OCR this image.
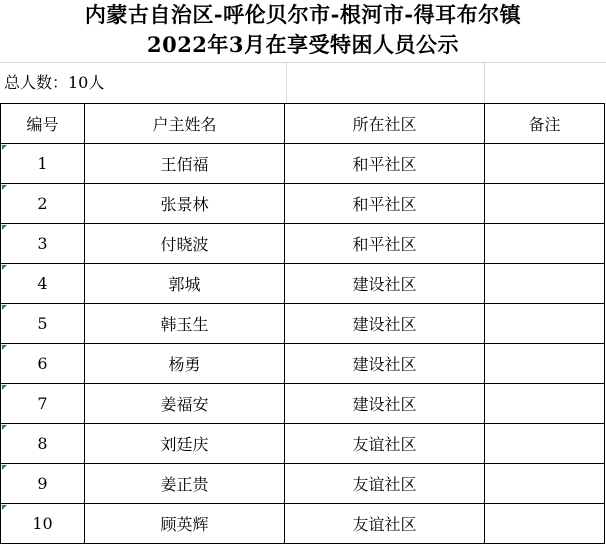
内蒙古自治区-呼伦贝尔市-根河市-得耳布尔镇
2022年3月在享受特困人员公示
总人数：10人
编号	户主姓名	所在社区	备注
1	王佰福	和平社区	
2	张景林	和平社区	
3	付晓波	和平社区	
4	郭城	建设社区	
5	韩玉生	建设社区	
6	杨勇	建设社区	
7	姜福安	建设社区	
8	刘廷庆	友谊社区	
9	姜正贵	友谊社区	
10	顾英辉	友谊社区	
